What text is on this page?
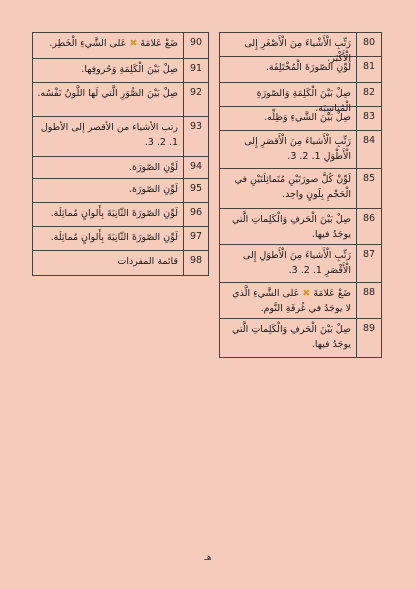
80
رَتِّبِ الْأَشْياءَ مِنَ الْأَصْغَرِ إِلى الْأَكْبَر.
81
لَوِّنِ الصّورَةَ الْمُخْتَلِفَة.
82
صِلْ بَيْنَ الْكَلِمَةِ وَالصّورَةِ الْمُناسِبَة.
83
صِلْ بَيْنَ الشَّيءِ وَظِلِّه.
84
رَتِّبِ الْأَشياءَ مِنَ الْأَقصَرِ إِلى الْأَطْوَلِ 1. 2. 3.
85
لَوِّنْ كُلَّ صورَتَيْنِ مُتَماثِلَتَيْنِ في الْحَجْمِ بِلَونٍ واحِد.
86
صِلْ بَيْنَ الْحَرفِ وَالْكَلِماتِ الَّتي يوجَدُ فيها.
87
رَتِّبِ الْأَشياءَ مِنَ الْأَطوَلِ إِلى الْأَقْصَرِ 1. 2. 3.
88
ضَعْ عَلامَةَ ✖ عَلى الشَّيءِ الَّذي لا يوجَدُ في غُرفَةِ النَّوم.
89
صِلْ بَيْنَ الْحَرفِ وَالْكَلِماتِ الَّتي يوجَدُ فيها.
90
ضَعْ عَلامَةَ ✖ عَلى الشَّيءِ الْخَطِر.
91
صِلْ بَيْنَ الْكَلِمَةِ وَحُروفِها.
92
صِلْ بَيْنَ الصُّوَرِ الَّتي لَها اللَّونُ نَفْسُه.
93
رتب الأشياء من الأقصر إلى الأطول 1. 2. 3.
94
لَوِّنِ الصّورَة.
95
لَوِّنِ الصّورَة.
96
لَوِّنِ الصّورَةَ الثّانِيَةَ بِأَلوانٍ مُماثِلَة.
97
لَوِّنِ الصّورَةَ الثّانِيَةَ بِأَلوانٍ مُماثِلَة.
98
قائمة المفردات
هـ
